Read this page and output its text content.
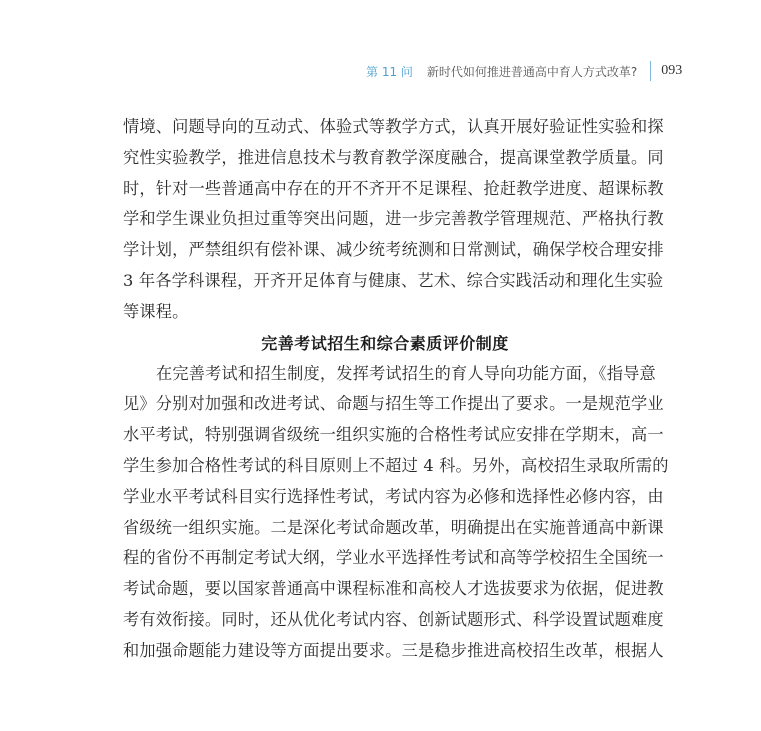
第 11 问 新时代如何推进普通高中育人方式改革? 093
情境、问题导向的互动式、体验式等教学方式，认真开展好验证性实验和探
究性实验教学，推进信息技术与教育教学深度融合，提高课堂教学质量。同
时，针对一些普通高中存在的开不齐开不足课程、抢赶教学进度、超课标教
学和学生课业负担过重等突出问题，进一步完善教学管理规范、严格执行教
学计划，严禁组织有偿补课、减少统考统测和日常测试，确保学校合理安排
3 年各学科课程，开齐开足体育与健康、艺术、综合实践活动和理化生实验
等课程。
完善考试招生和综合素质评价制度
在完善考试和招生制度，发挥考试招生的育人导向功能方面，《指导意
见》分别对加强和改进考试、命题与招生等工作提出了要求。一是规范学业
水平考试，特别强调省级统一组织实施的合格性考试应安排在学期末，高一
学生参加合格性考试的科目原则上不超过 4 科。另外，高校招生录取所需的
学业水平考试科目实行选择性考试，考试内容为必修和选择性必修内容，由
省级统一组织实施。二是深化考试命题改革，明确提出在实施普通高中新课
程的省份不再制定考试大纲，学业水平选择性考试和高等学校招生全国统一
考试命题，要以国家普通高中课程标准和高校人才选拔要求为依据，促进教
考有效衔接。同时，还从优化考试内容、创新试题形式、科学设置试题难度
和加强命题能力建设等方面提出要求。三是稳步推进高校招生改革，根据人
